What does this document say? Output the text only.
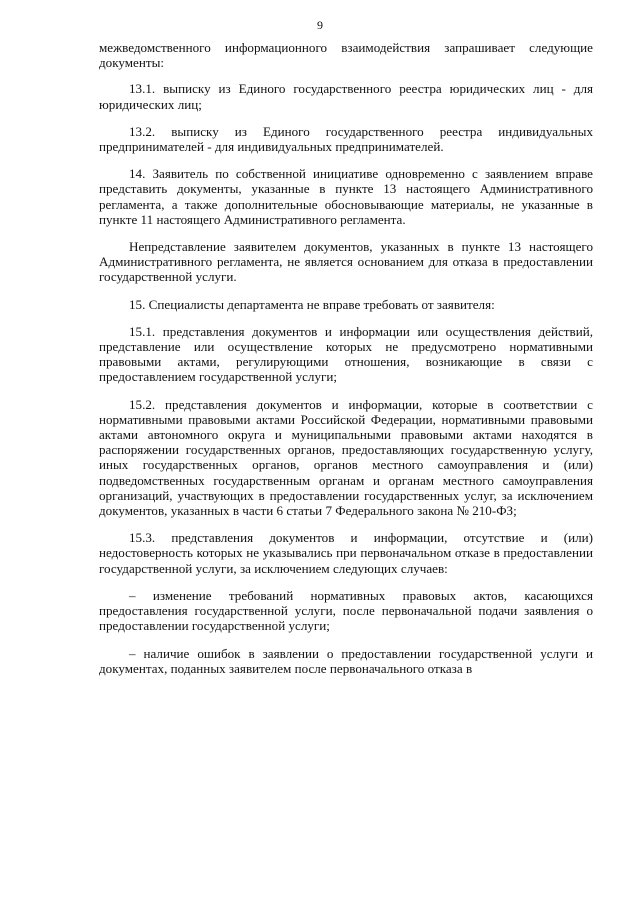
9

межведомственного информационного взаимодействия запрашивает следующие документы:

13.1. выписку из Единого государственного реестра юридических лиц - для юридических лиц;

13.2. выписку из Единого государственного реестра индивидуальных предпринимателей - для индивидуальных предпринимателей.

14. Заявитель по собственной инициативе одновременно с заявлением вправе представить документы, указанные в пункте 13 настоящего Административного регламента, а также дополнительные обосновывающие материалы, не указанные в пункте 11 настоящего Административного регламента.

Непредставление заявителем документов, указанных в пункте 13 настоящего Административного регламента, не является основанием для отказа в предоставлении государственной услуги.

15. Специалисты департамента не вправе требовать от заявителя:

15.1. представления документов и информации или осуществления действий, представление или осуществление которых не предусмотрено нормативными правовыми актами, регулирующими отношения, возникающие в связи с предоставлением государственной услуги;

15.2. представления документов и информации, которые в соответствии с нормативными правовыми актами Российской Федерации, нормативными правовыми актами автономного округа и муниципальными правовыми актами находятся в распоряжении государственных органов, предоставляющих государственную услугу, иных государственных органов, органов местного самоуправления и (или) подведомственных государственным органам и органам местного самоуправления организаций, участвующих в предоставлении государственных услуг, за исключением документов, указанных в части 6 статьи 7 Федерального закона № 210-ФЗ;

15.3. представления документов и информации, отсутствие и (или) недостоверность которых не указывались при первоначальном отказе в предоставлении государственной услуги, за исключением следующих случаев:

– изменение требований нормативных правовых актов, касающихся предоставления государственной услуги, после первоначальной подачи заявления о предоставлении государственной услуги;

– наличие ошибок в заявлении о предоставлении государственной услуги и документах, поданных заявителем после первоначального отказа в
